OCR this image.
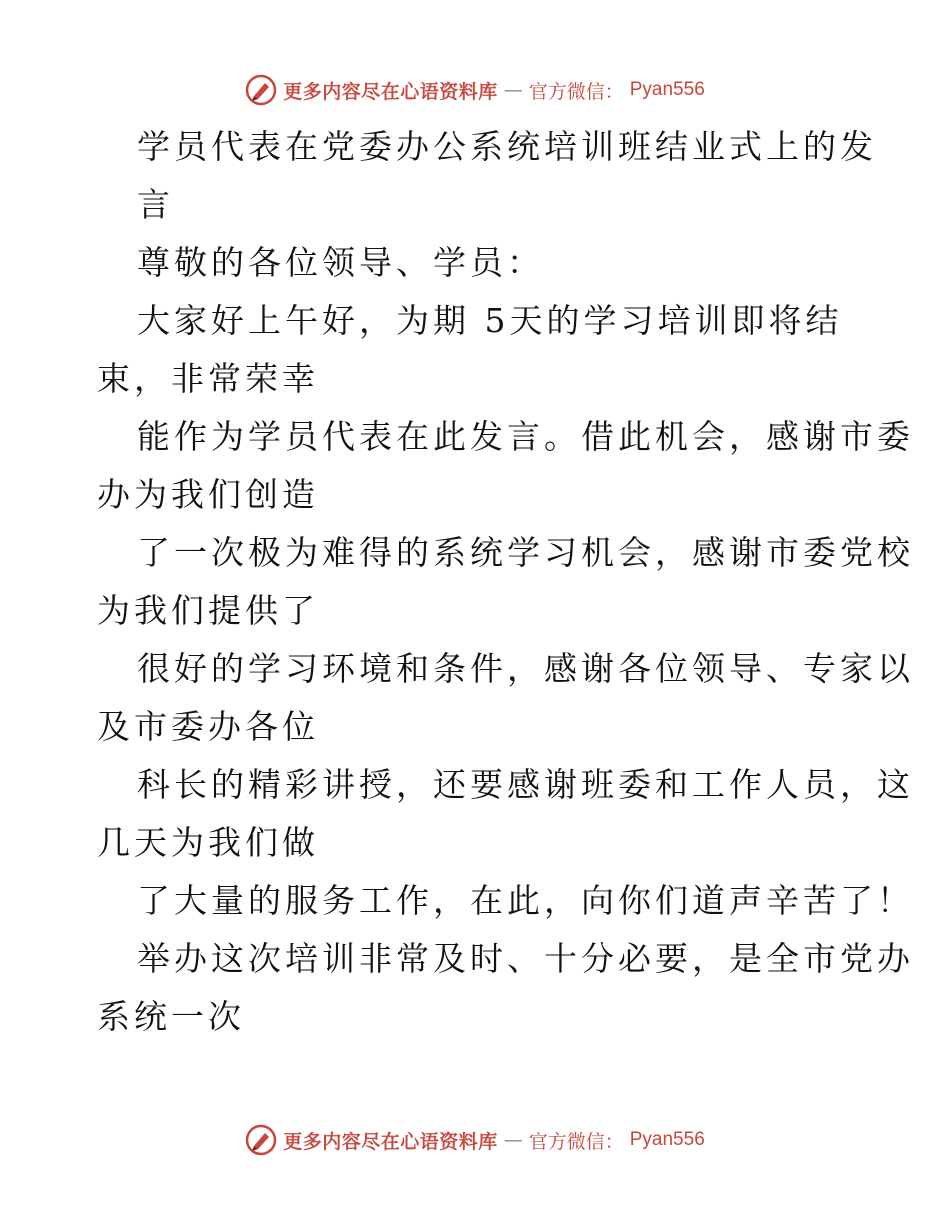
更多内容尽在心语资料库 — 官方微信： Pyan556
学员代表在党委办公系统培训班结业式上的发
言
尊敬的各位领导、学员：
大家好上午好，为期 5天的学习培训即将结
束，非常荣幸
能作为学员代表在此发言。借此机会，感谢市委
办为我们创造
了一次极为难得的系统学习机会，感谢市委党校
为我们提供了
很好的学习环境和条件，感谢各位领导、专家以
及市委办各位
科长的精彩讲授，还要感谢班委和工作人员，这
几天为我们做
了大量的服务工作，在此，向你们道声辛苦了！
举办这次培训非常及时、十分必要，是全市党办
系统一次
更多内容尽在心语资料库 — 官方微信： Pyan556
